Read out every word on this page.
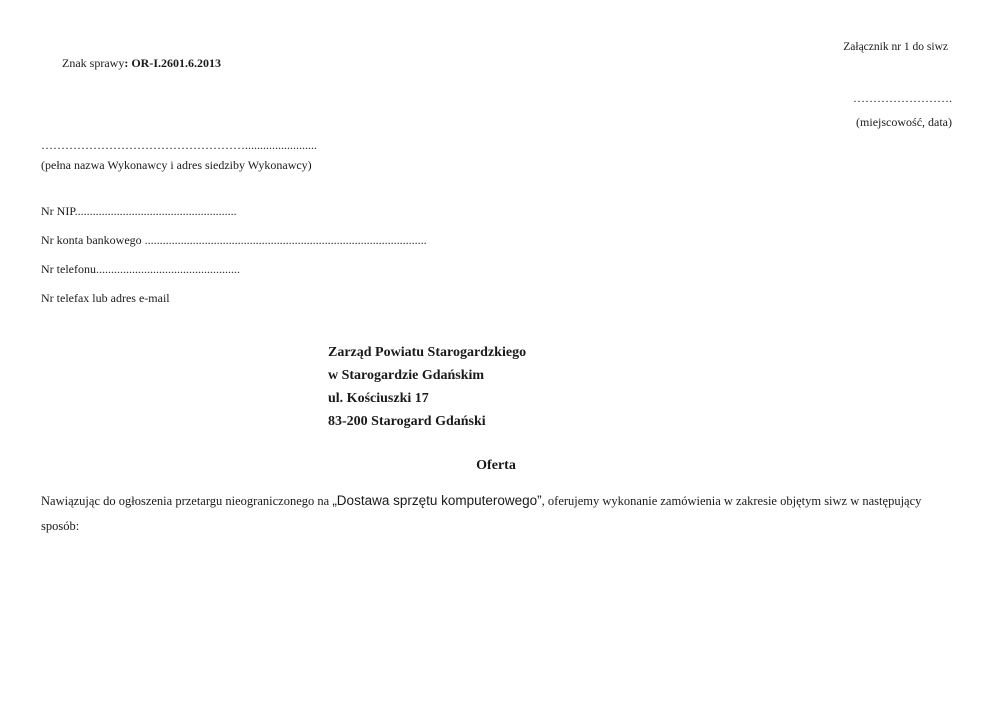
Znak sprawy: OR-I.2601.6.2013
Załącznik nr 1 do siwz
…………………….
(miejscowość, data)
……………………………………………........................
(pełna nazwa Wykonawcy i adres siedziby Wykonawcy)
Nr NIP......................................................
Nr konta bankowego ..............................................................................................
Nr telefonu................................................
Nr telefax lub adres e-mail
Zarząd Powiatu Starogardzkiego
w Starogardzie Gdańskim
ul. Kościuszki 17
83-200 Starogard Gdański
Oferta
Nawiązując do ogłoszenia przetargu nieograniczonego na „Dostawa sprzętu komputerowego”, oferujemy wykonanie zamówienia w zakresie objętym siwz w następujący sposób:
